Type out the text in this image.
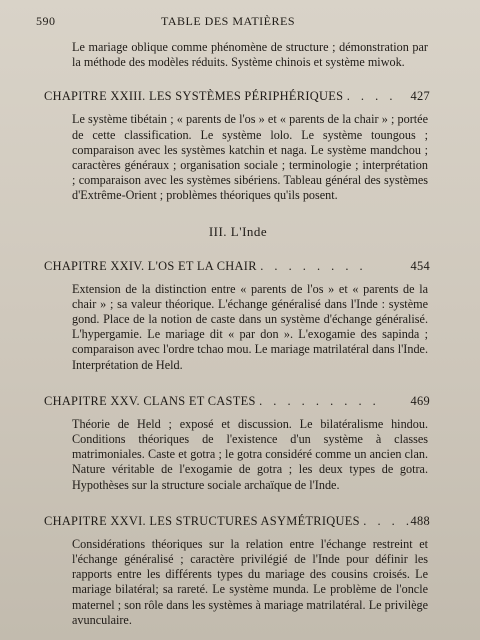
590	TABLE DES MATIÈRES

Le mariage oblique comme phénomène de structure ; démonstration par la méthode des modèles réduits. Système chinois et système miwok.

CHAPITRE XXIII. LES SYSTÈMES PÉRIPHÉRIQUES . . . . 427

Le système tibétain ; « parents de l'os » et « parents de la chair » ; portée de cette classification. Le système lolo. Le système toungous ; comparaison avec les systèmes katchin et naga. Le système mandchou ; caractères généraux ; organisation sociale ; terminologie ; interprétation ; comparaison avec les systèmes sibériens. Tableau général des systèmes d'Extrême-Orient ; problèmes théoriques qu'ils posent.

III. L'Inde
CHAPITRE XXIV. L'OS ET LA CHAIR . . . . . . . .	454

Extension de la distinction entre « parents de l'os » et « parents de la chair » ; sa valeur théorique. L'échange généralisé dans l'Inde : système gond. Place de la notion de caste dans un système d'échange généralisé. L'hypergamie. Le mariage dit « par don ». L'exogamie des sapinda ; comparaison avec l'ordre tchao mou. Le mariage matrilatéral dans l'Inde. Interprétation de Held.

CHAPITRE XXV. CLANS ET CASTES . . . . . . . . . 469

Théorie de Held ; exposé et discussion. Le bilatéralisme hindou. Conditions théoriques de l'existence d'un système à classes matrimoniales. Caste et gotra ; le gotra considéré comme un ancien clan. Nature véritable de l'exogamie de gotra ; les deux types de gotra. Hypothèses sur la structure sociale archaïque de l'Inde.

CHAPITRE XXVI. LES STRUCTURES ASYMÉTRIQUES . . . .
488

Considérations théoriques sur la relation entre l'échange restreint et l'échange généralisé ; caractère privilégié de l'Inde pour définir les rapports entre les différents types du mariage des cousins croisés. Le mariage bilatéral; sa rareté. Le système munda. Le problème de l'oncle maternel ; son rôle dans les systèmes à mariage matrilatéral. Le privilège avunculaire.
